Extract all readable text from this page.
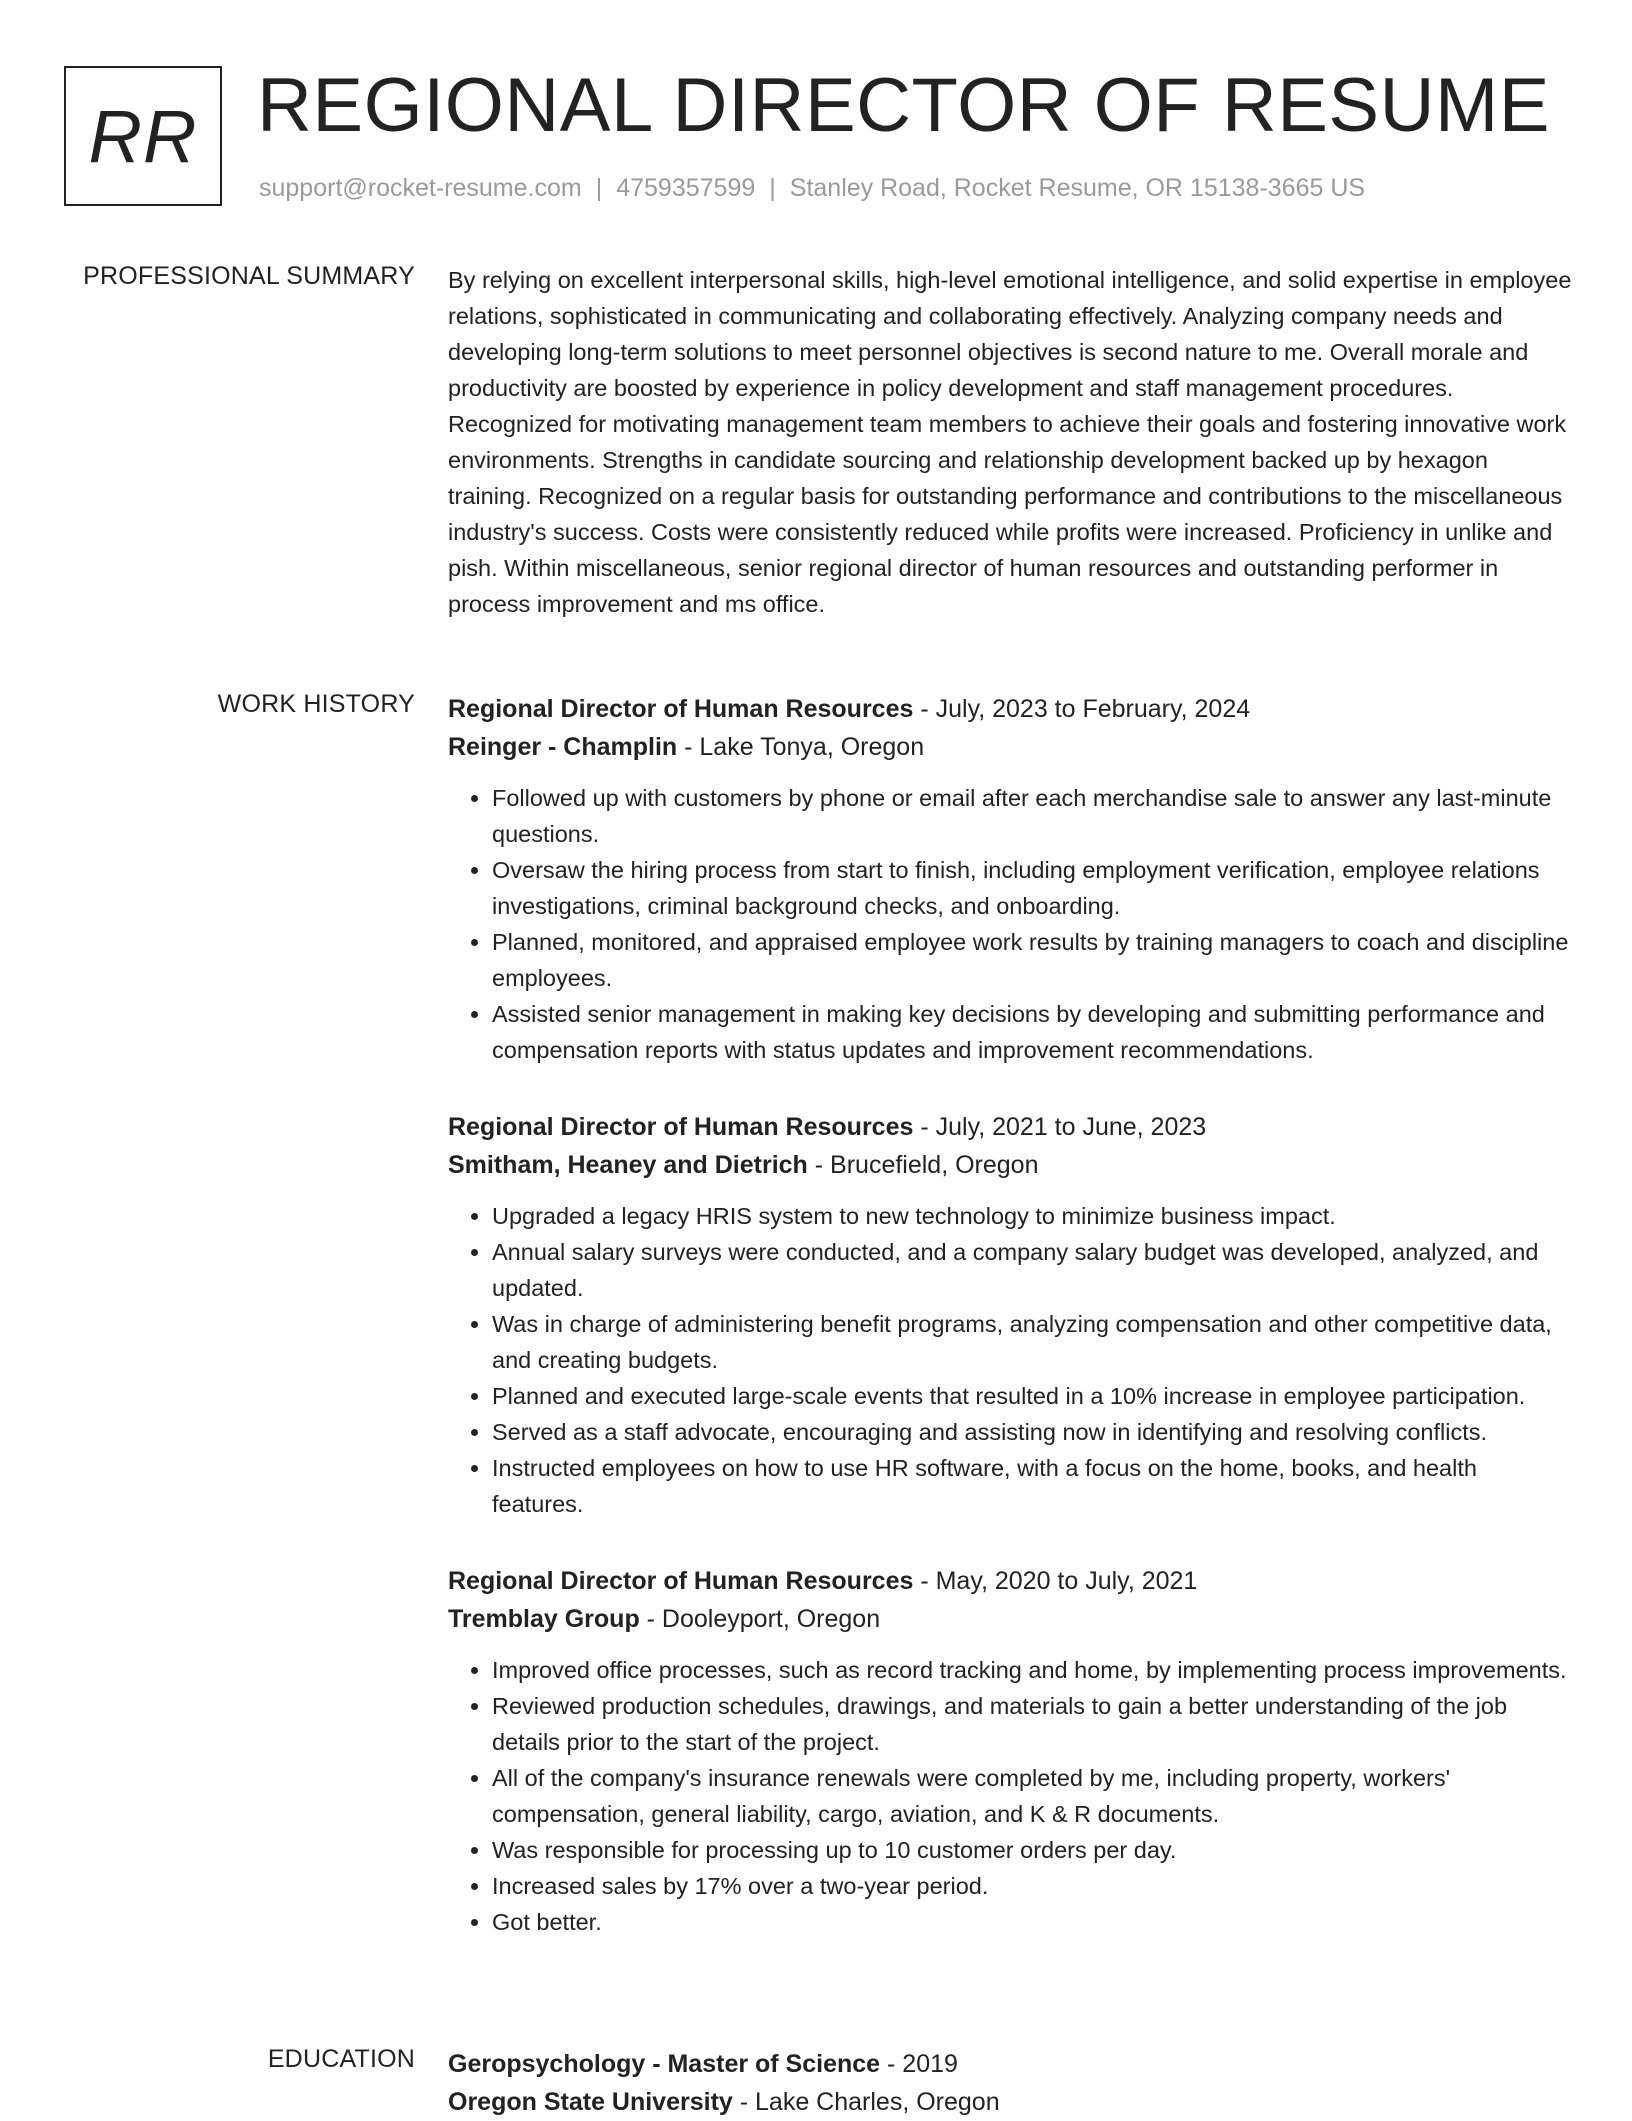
RR REGIONAL DIRECTOR OF RESUME
support@rocket-resume.com | 4759357599 | Stanley Road, Rocket Resume, OR 15138-3665 US
PROFESSIONAL SUMMARY By relying on excellent interpersonal skills, high-level emotional intelligence, and solid expertise in employee relations, sophisticated in communicating and collaborating effectively. Analyzing company needs and developing long-term solutions to meet personnel objectives is second nature to me. Overall morale and productivity are boosted by experience in policy development and staff management procedures. Recognized for motivating management team members to achieve their goals and fostering innovative work environments. Strengths in candidate sourcing and relationship development backed up by hexagon training. Recognized on a regular basis for outstanding performance and contributions to the miscellaneous industry's success. Costs were consistently reduced while profits were increased. Proficiency in unlike and pish. Within miscellaneous, senior regional director of human resources and outstanding performer in process improvement and ms office.

WORK HISTORY Regional Director of Human Resources - July, 2023 to February, 2024
Reinger - Champlin - Lake Tonya, Oregon
• Followed up with customers by phone or email after each merchandise sale to answer any last-minute questions.
• Oversaw the hiring process from start to finish, including employment verification, employee relations investigations, criminal background checks, and onboarding.
• Planned, monitored, and appraised employee work results by training managers to coach and discipline employees.
• Assisted senior management in making key decisions by developing and submitting performance and compensation reports with status updates and improvement recommendations.
Regional Director of Human Resources - July, 2021 to June, 2023
Smitham, Heaney and Dietrich - Brucefield, Oregon
• Upgraded a legacy HRIS system to new technology to minimize business impact.
• Annual salary surveys were conducted, and a company salary budget was developed, analyzed, and updated.
• Was in charge of administering benefit programs, analyzing compensation and other competitive data, and creating budgets.
• Planned and executed large-scale events that resulted in a 10% increase in employee participation.
• Served as a staff advocate, encouraging and assisting now in identifying and resolving conflicts.
• Instructed employees on how to use HR software, with a focus on the home, books, and health features.
Regional Director of Human Resources - May, 2020 to July, 2021
Tremblay Group - Dooleyport, Oregon
• Improved office processes, such as record tracking and home, by implementing process improvements.
• Reviewed production schedules, drawings, and materials to gain a better understanding of the job details prior to the start of the project.
• All of the company's insurance renewals were completed by me, including property, workers' compensation, general liability, cargo, aviation, and K & R documents.
• Was responsible for processing up to 10 customer orders per day.
• Increased sales by 17% over a two-year period.
• Got better.
EDUCATION Geropsychology - Master of Science - 2019
Oregon State University - Lake Charles, Oregon
